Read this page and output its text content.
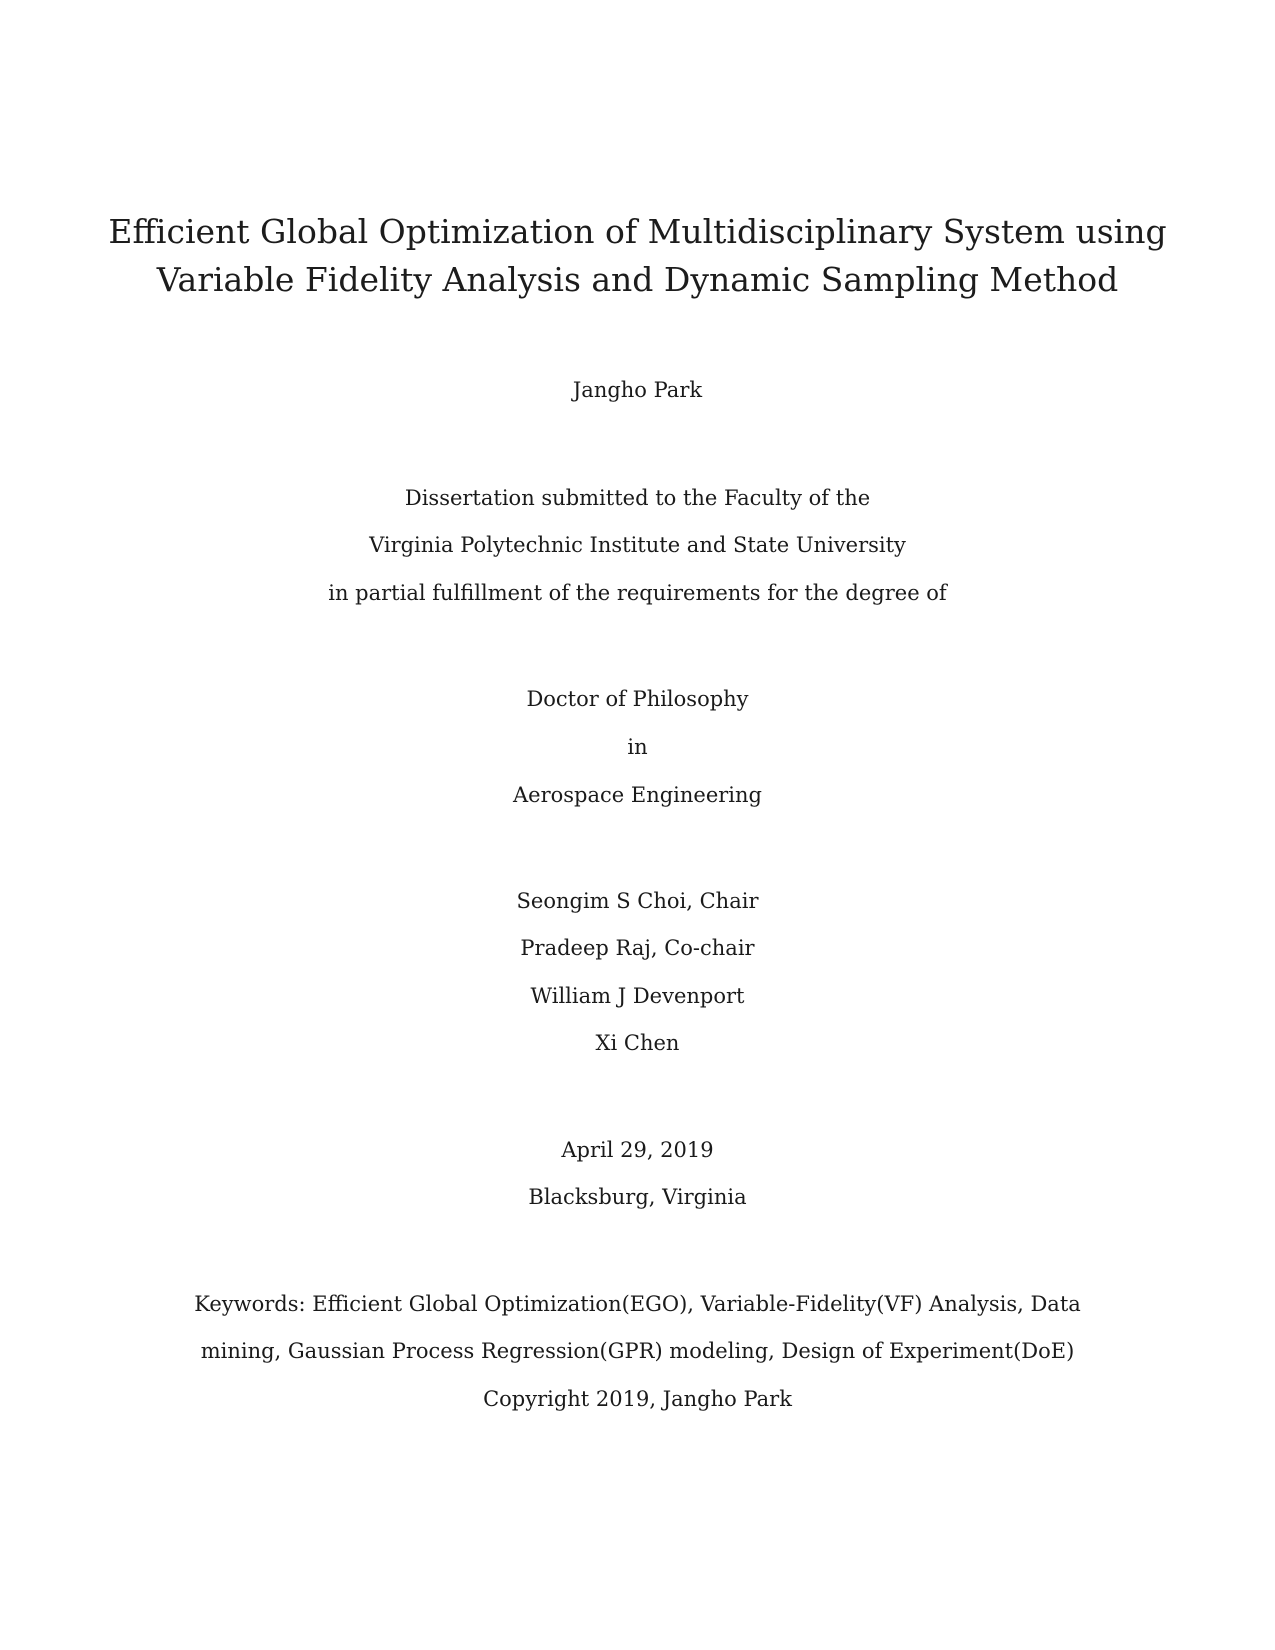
Efficient Global Optimization of Multidisciplinary System using
Variable Fidelity Analysis and Dynamic Sampling Method
Jangho Park
Dissertation submitted to the Faculty of the
Virginia Polytechnic Institute and State University
in partial fulfillment of the requirements for the degree of
Doctor of Philosophy
in
Aerospace Engineering
Seongim S Choi, Chair
Pradeep Raj, Co-chair
William J Devenport
Xi Chen
April 29, 2019
Blacksburg, Virginia
Keywords: Efficient Global Optimization(EGO), Variable-Fidelity(VF) Analysis, Data
mining, Gaussian Process Regression(GPR) modeling, Design of Experiment(DoE)
Copyright 2019, Jangho Park
